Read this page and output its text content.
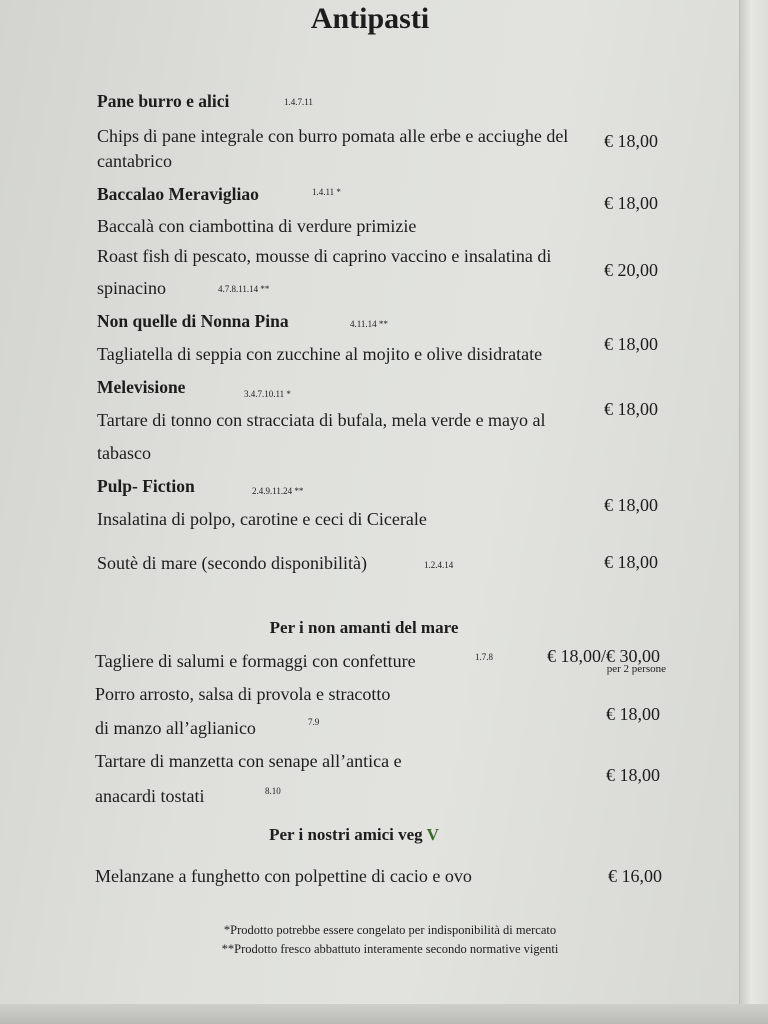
Antipasti
Pane burro e alici	1.4.7.11
Chips di pane integrale con burro pomata alle erbe e acciughe del
cantabrico
€ 18,00
Baccalao Meravigliao	1.4.11 *
Baccalà con ciambottina di verdure primizie
€ 18,00
Roast fish di pescato, mousse di caprino vaccino e insalatina di
spinacino	4.7.8.11.14 **
€ 20,00
Non quelle di Nonna Pina	4.11.14 **
Tagliatella di seppia con zucchine al mojito e olive disidratate	€ 18,00
Melevisione	3.4.7.10.11 *
Tartare di tonno con stracciata di bufala, mela verde e mayo al
tabasco
€ 18,00
Pulp- Fiction	2.4.9.11.24 **
Insalatina di polpo, carotine e ceci di Cicerale
€ 18,00
Soutè di mare (secondo disponibilità)	1.2.4.14	€ 18,00
Per i non amanti del mare
Tagliere di salumi e formaggi con confetture	1.7.8	€ 18,00/€ 30,00
per 2 persone
Porro arrosto, salsa di provola e stracotto
di manzo all’aglianico	7.9	€ 18,00
Tartare di manzetta con senape all’antica e
anacardi tostati	8.10
€ 18,00
Per i nostri amici veg V
Melanzane a funghetto con polpettine di cacio e ovo	€ 16,00
*Prodotto potrebbe essere congelato per indisponibilità di mercato
**Prodotto fresco abbattuto interamente secondo normative vigenti
